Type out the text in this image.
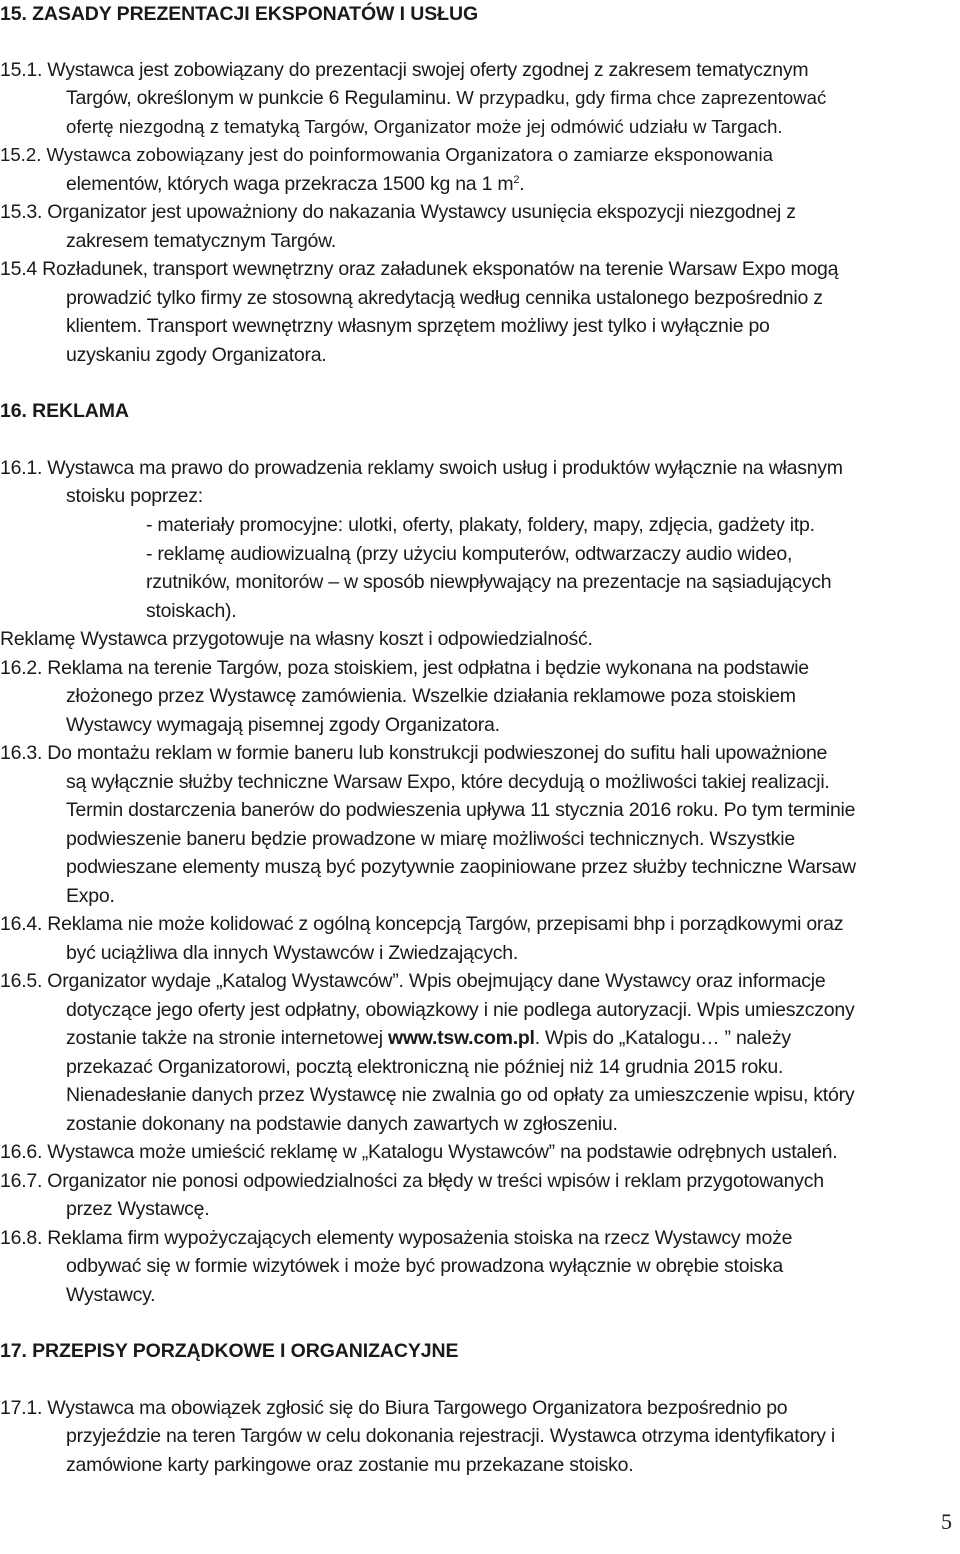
15. ZASADY PREZENTACJI EKSPONATÓW I USŁUG
15.1. Wystawca jest zobowiązany do prezentacji swojej oferty zgodnej z zakresem tematycznym
Targów, określonym w punkcie 6 Regulaminu. W przypadku, gdy firma chce zaprezentować
ofertę niezgodną z tematyką Targów, Organizator może jej odmówić udziału w Targach.
15.2. Wystawca zobowiązany jest do poinformowania Organizatora o zamiarze eksponowania
elementów, których waga przekracza 1500 kg na 1 $m^2$.
15.3. Organizator jest upoważniony do nakazania Wystawcy usunięcia ekspozycji niezgodnej z
zakresem tematycznym Targów.
15.4 Rozładunek, transport wewnętrzny oraz załadunek eksponatów na terenie Warsaw Expo mogą
prowadzić tylko firmy ze stosowną akredytacją według cennika ustalonego bezpośrednio z
klientem. Transport wewnętrzny własnym sprzętem możliwy jest tylko i wyłącznie po
uzyskaniu zgody Organizatora.
16. REKLAMA
16.1. Wystawca ma prawo do prowadzenia reklamy swoich usług i produktów wyłącznie na własnym
stoisku poprzez:
- materiały promocyjne: ulotki, oferty, plakaty, foldery, mapy, zdjęcia, gadżety itp.
- reklamę audiowizualną (przy użyciu komputerów, odtwarzaczy audio wideo,
rzutników, monitorów – w sposób niewpływający na prezentacje na sąsiadujących
stoiskach).
Reklamę Wystawca przygotowuje na własny koszt i odpowiedzialność.
16.2. Reklama na terenie Targów, poza stoiskiem, jest odpłatna i będzie wykonana na podstawie
złożonego przez Wystawcę zamówienia. Wszelkie działania reklamowe poza stoiskiem
Wystawcy wymagają pisemnej zgody Organizatora.
16.3. Do montażu reklam w formie baneru lub konstrukcji podwieszonej do sufitu hali upoważnione
są wyłącznie służby techniczne Warsaw Expo, które decydują o możliwości takiej realizacji.
Termin dostarczenia banerów do podwieszenia upływa 11 stycznia 2016 roku. Po tym terminie
podwieszenie baneru będzie prowadzone w miarę możliwości technicznych. Wszystkie
podwieszane elementy muszą być pozytywnie zaopiniowane przez służby techniczne Warsaw
Expo.
16.4. Reklama nie może kolidować z ogólną koncepcją Targów, przepisami bhp i porządkowymi oraz
być uciążliwa dla innych Wystawców i Zwiedzających.
16.5. Organizator wydaje „Katalog Wystawców”. Wpis obejmujący dane Wystawcy oraz informacje
dotyczące jego oferty jest odpłatny, obowiązkowy i nie podlega autoryzacji. Wpis umieszczony
zostanie także na stronie internetowej www.tsw.com.pl. Wpis do „Katalogu… ” należy
przekazać Organizatorowi, pocztą elektroniczną nie później niż 14 grudnia 2015 roku.
Nienadesłanie danych przez Wystawcę nie zwalnia go od opłaty za umieszczenie wpisu, który
zostanie dokonany na podstawie danych zawartych w zgłoszeniu.
16.6. Wystawca może umieścić reklamę w „Katalogu Wystawców” na podstawie odrębnych ustaleń.
16.7. Organizator nie ponosi odpowiedzialności za błędy w treści wpisów i reklam przygotowanych
przez Wystawcę.
16.8. Reklama firm wypożyczających elementy wyposażenia stoiska na rzecz Wystawcy może
odbywać się w formie wizytówek i może być prowadzona wyłącznie w obrębie stoiska
Wystawcy.
17. PRZEPISY PORZĄDKOWE I ORGANIZACYJNE
17.1. Wystawca ma obowiązek zgłosić się do Biura Targowego Organizatora bezpośrednio po
przyjeździe na teren Targów w celu dokonania rejestracji. Wystawca otrzyma identyfikatory i
zamówione karty parkingowe oraz zostanie mu przekazane stoisko.
5
